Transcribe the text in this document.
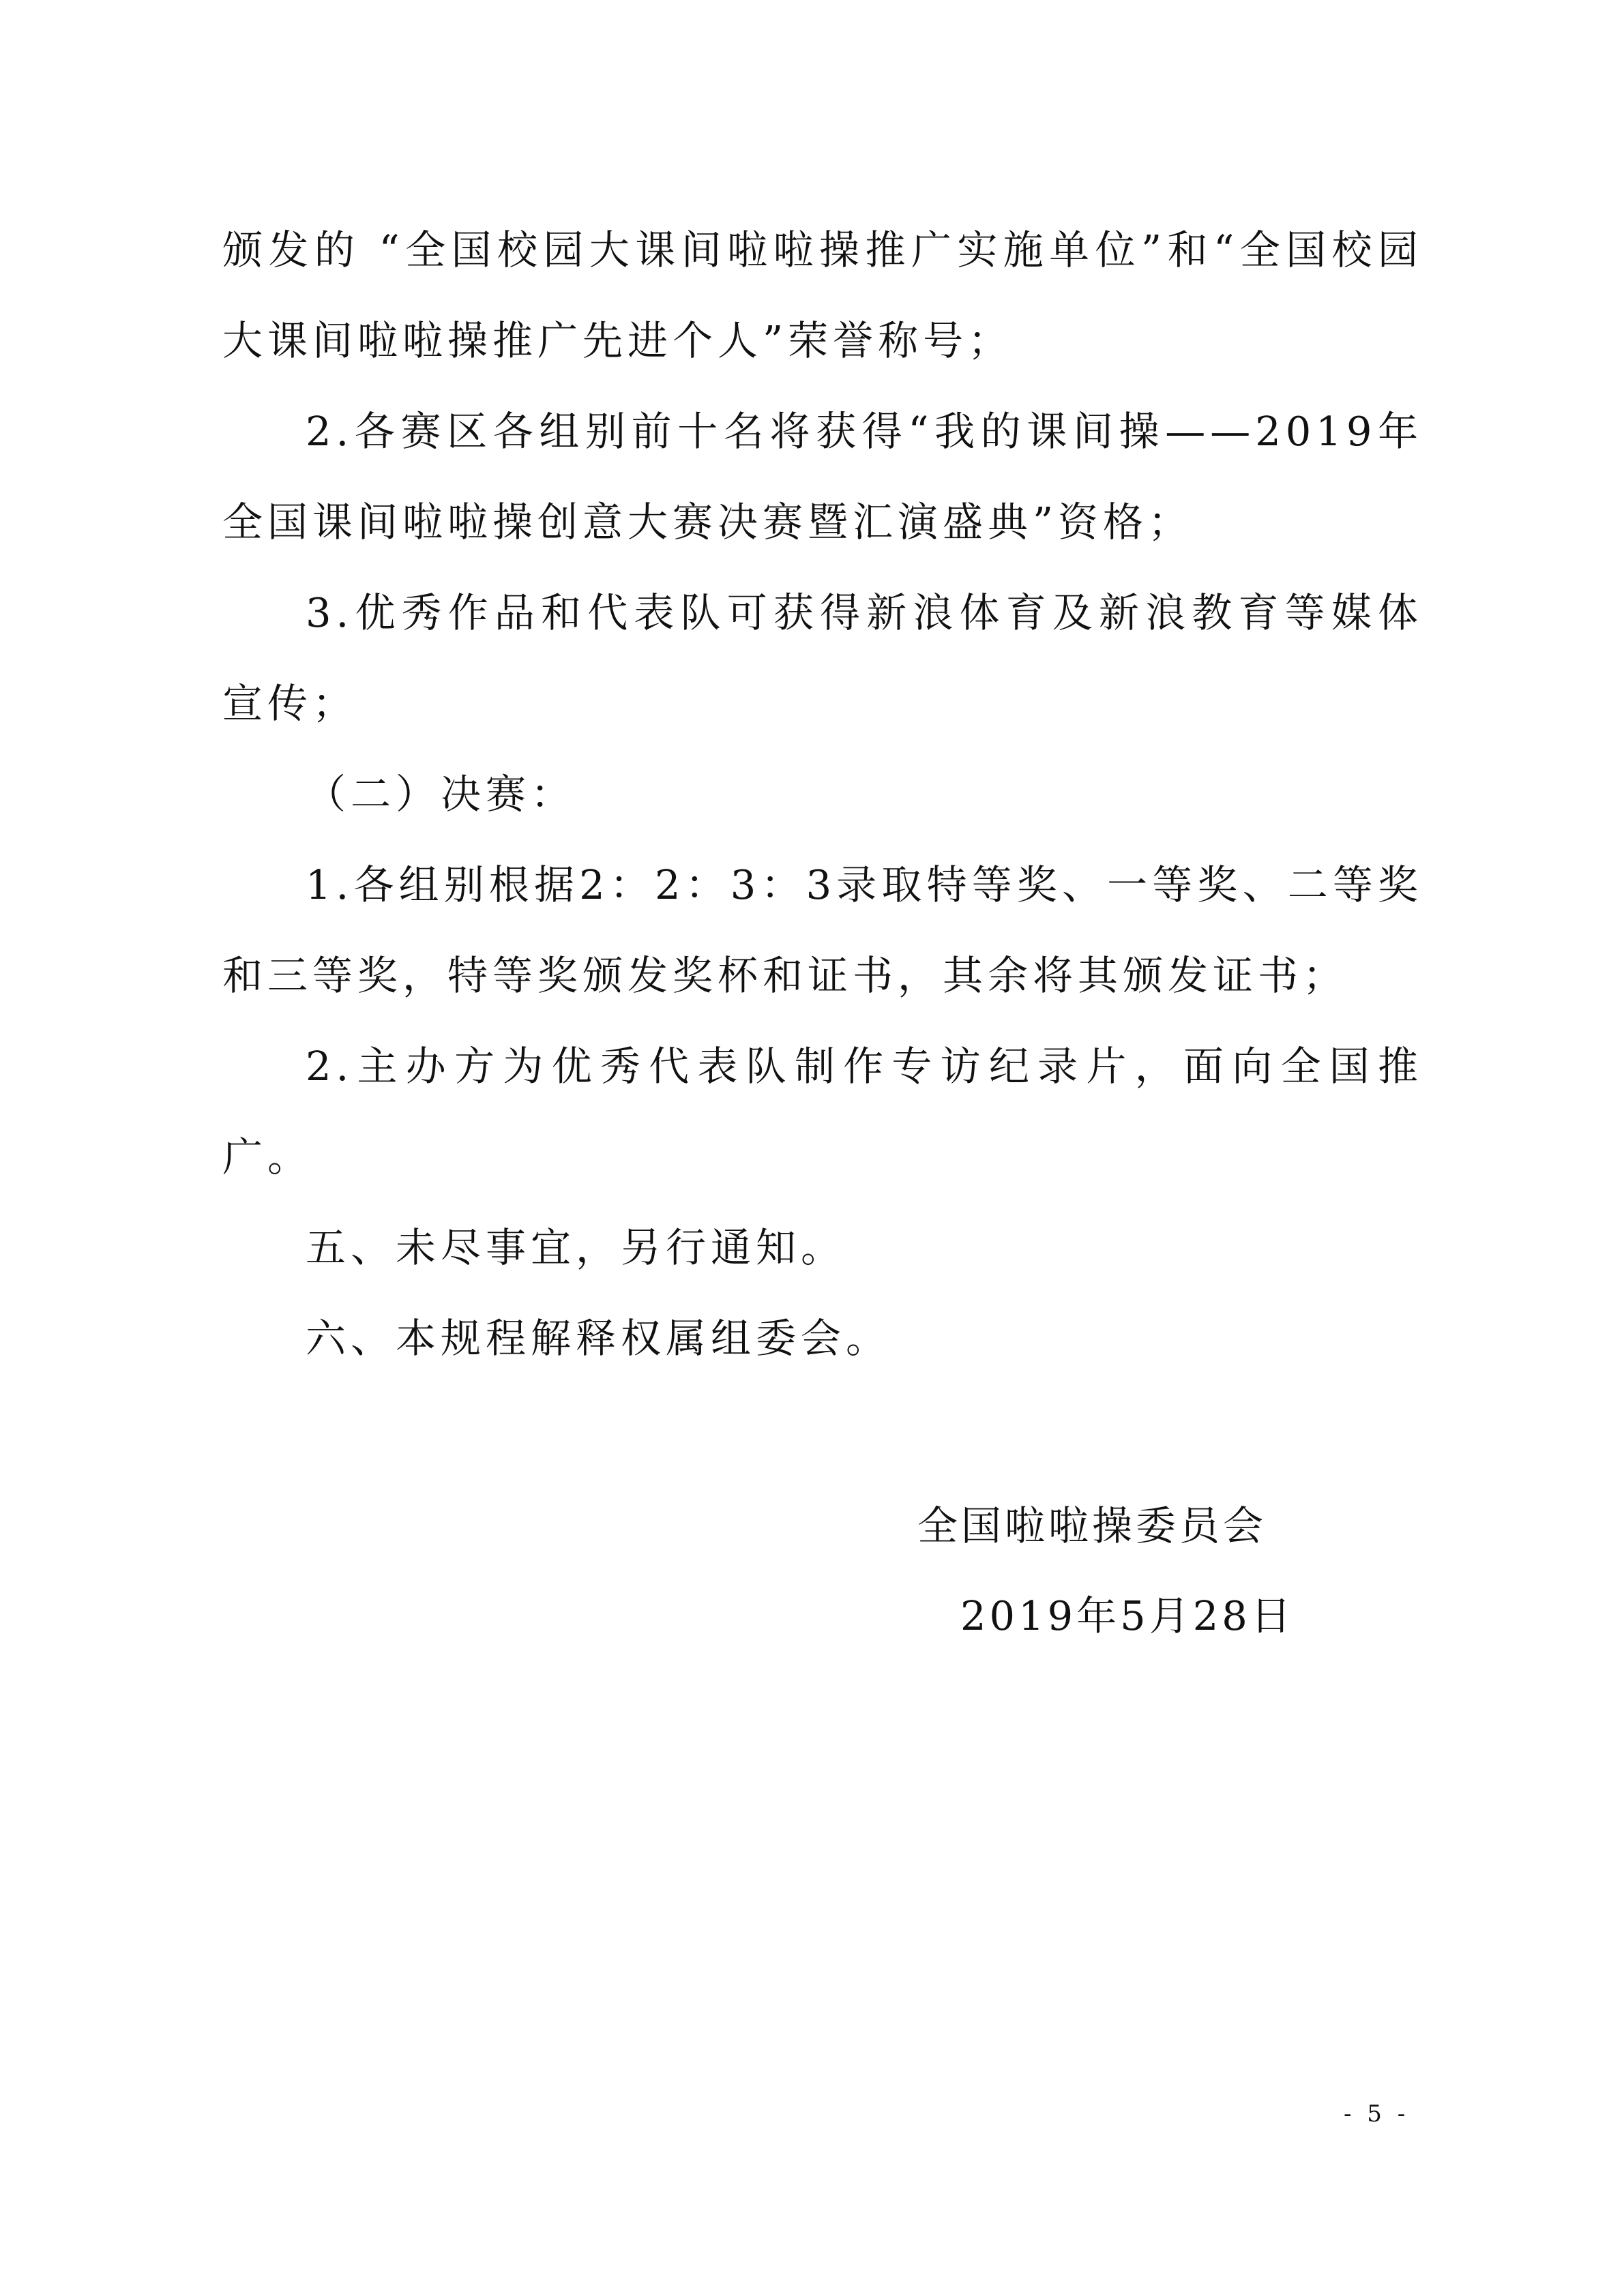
颁发的 “全国校园大课间啦啦操推广实施单位”和“全国校园大课间啦啦操推广先进个人”荣誉称号；

2.各赛区各组别前十名将获得“我的课间操——2019年全国课间啦啦操创意大赛决赛暨汇演盛典”资格；

3.优秀作品和代表队可获得新浪体育及新浪教育等媒体宣传；

（二）决赛：

1.各组别根据2：2：3：3录取特等奖、一等奖、二等奖和三等奖，特等奖颁发奖杯和证书，其余将其颁发证书；

2.主办方为优秀代表队制作专访纪录片，面向全国推广。

五、未尽事宜，另行通知。

六、本规程解释权属组委会。

全国啦啦操委员会

2019年5月28日

- 5 -
